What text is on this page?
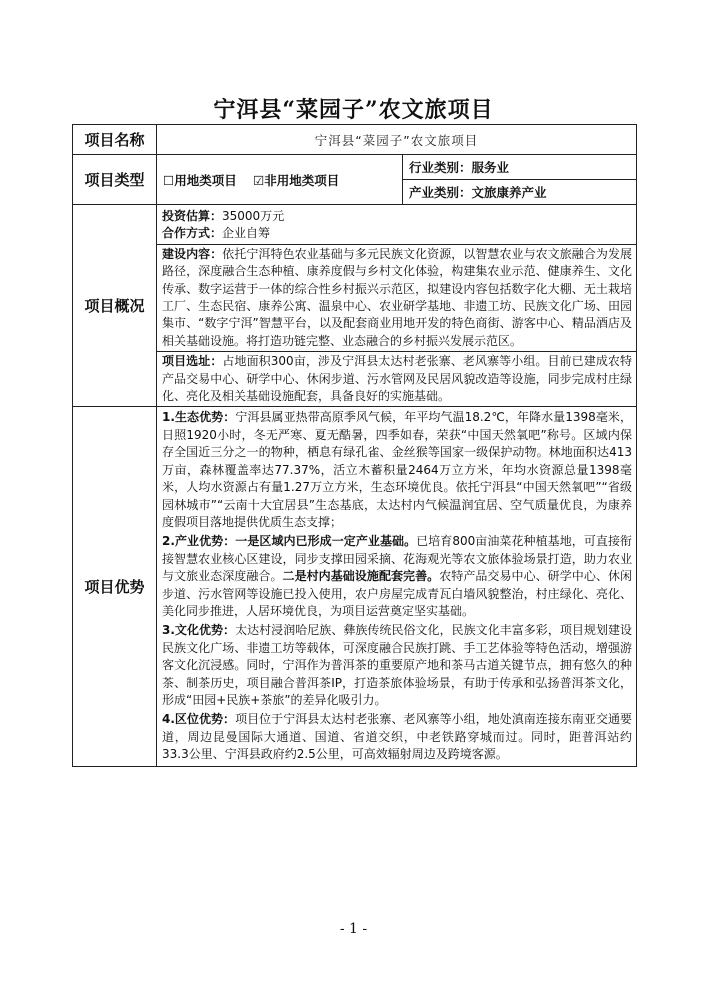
宁洱县“菜园子”农文旅项目
项目名称	宁洱县“菜园子”农文旅项目	
项目类型	☐用地类项目 ☑非用地类项目	行业类别：服务业
		产业类别：文旅康养产业
项目概况	投资估算：35000万元
合作方式：企业自筹
建设内容：依托宁洱特色农业基础与多元民族文化资源，以智慧农业与农文旅融合为发展路径，深度融合生态种植、康养度假与乡村文化体验，构建集农业示范、健康养生、文化传承、数字运营于一体的综合性乡村振兴示范区，拟建设内容包括数字化大棚、无土栽培工厂、生态民宿、康养公寓、温泉中心、农业研学基地、非遗工坊、民族文化广场、田园集市、“数字宁洱”智慧平台，以及配套商业用地开发的特色商街、游客中心、精品酒店及相关基础设施。将打造功链完整、业态融合的乡村振兴发展示范区。
项目选址：占地面积300亩，涉及宁洱县太达村老张寨、老风寨等小组。目前已建成农特产品交易中心、研学中心、休闲步道、污水管网及民居风貌改造等设施，同步完成村庄绿化、亮化及相关基础设施配套，具备良好的实施基础。	

项目优势	1.生态优势：宁洱县属亚热带高原季风气候，年平均气温18.2℃，年降水量1398毫米，日照1920小时，冬无严寒、夏无酷暑，四季如春，荣获“中国天然氧吧”称号。区域内保存全国近三分之一的物种，栖息有绿孔雀、金丝猴等国家一级保护动物。林地面积达413万亩，森林覆盖率达77.37%，活立木蓄积量2464万立方米，年均水资源总量1398毫米，人均水资源占有量1.27万立方米，生态环境优良。依托宁洱县“中国天然氧吧”“省级园林城市”“云南十大宜居县”生态基底，太达村内气候温润宜居、空气质量优良，为康养度假项目落地提供优质生态支撑；
2.产业优势：一是区域内已形成一定产业基础。已培育800亩油菜花种植基地，可直接衔接智慧农业核心区建设，同步支撑田园采摘、花海观光等农文旅体验场景打造，助力农业与文旅业态深度融合。二是村内基础设施配套完善。农特产品交易中心、研学中心、休闲步道、污水管网等设施已投入使用，农户房屋完成青瓦白墙风貌整治，村庄绿化、亮化、美化同步推进，人居环境优良，为项目运营奠定坚实基础。
3.文化优势：太达村浸润哈尼族、彝族传统民俗文化，民族文化丰富多彩，项目规划建设民族文化广场、非遗工坊等载体，可深度融合民族打跳、手工艺体验等特色活动，增强游客文化沉浸感。同时，宁洱作为普洱茶的重要原产地和茶马古道关键节点，拥有悠久的种茶、制茶历史，项目融合普洱茶IP，打造茶旅体验场景，有助于传承和弘扬普洱茶文化，形成“田园+民族+茶旅”的差异化吸引力。
4.区位优势：项目位于宁洱县太达村老张寨、老风寨等小组，地处滇南连接东南亚交通要道，周边昆曼国际大通道、国道、省道交织，中老铁路穿城而过。同时，距普洱站约33.3公里、宁洱县政府约2.5公里，可高效辐射周边及跨境客源。	
- 1 -
